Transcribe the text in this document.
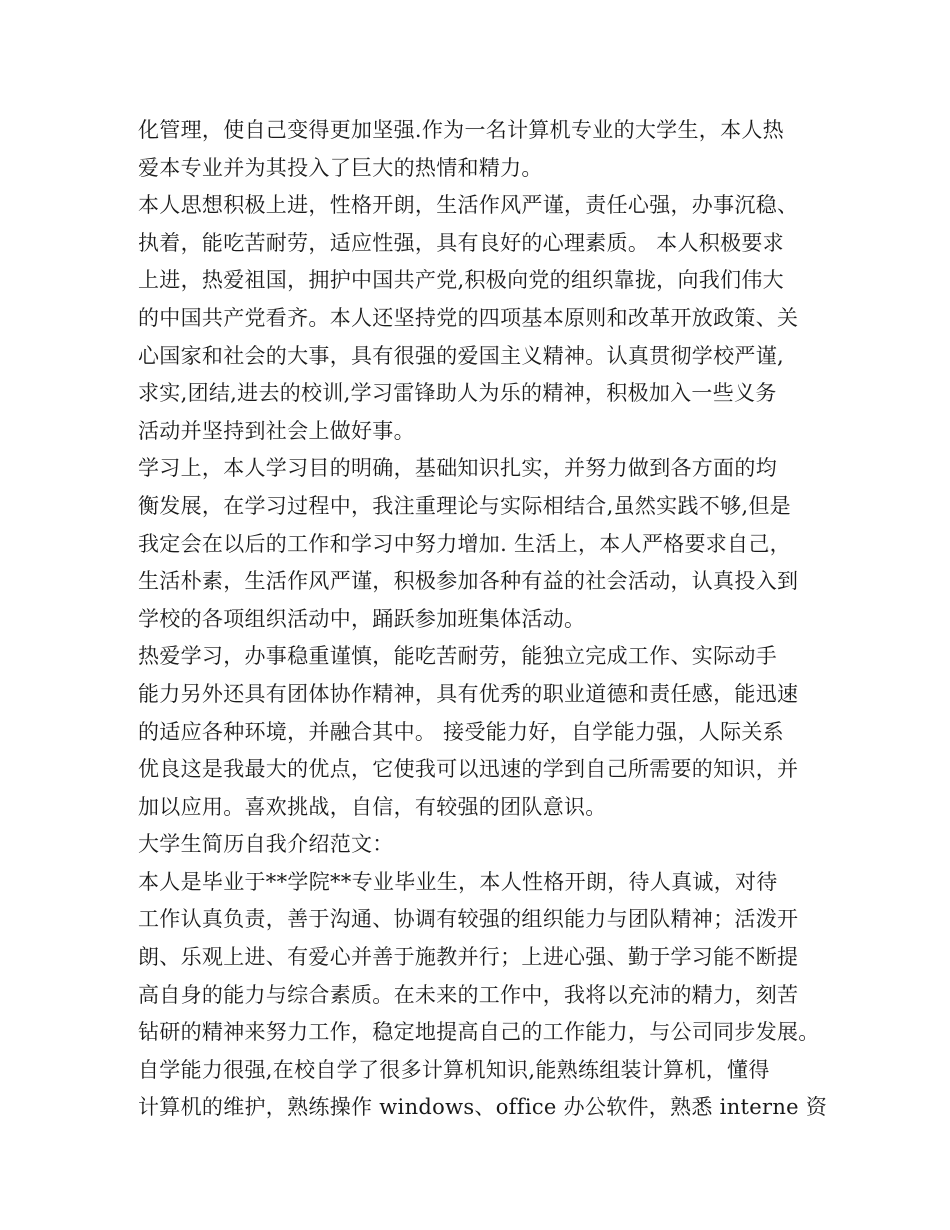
化管理，使自己变得更加坚强.作为一名计算机专业的大学生，本人热
爱本专业并为其投入了巨大的热情和精力。
本人思想积极上进，性格开朗，生活作风严谨，责任心强，办事沉稳、
执着，能吃苦耐劳，适应性强，具有良好的心理素质。 本人积极要求
上进，热爱祖国，拥护中国共产党,积极向党的组织靠拢，向我们伟大
的中国共产党看齐。本人还坚持党的四项基本原则和改革开放政策、关
心国家和社会的大事，具有很强的爱国主义精神。认真贯彻学校严谨,
求实,团结,进去的校训,学习雷锋助人为乐的精神，积极加入一些义务
活动并坚持到社会上做好事。
学习上，本人学习目的明确，基础知识扎实，并努力做到各方面的均
衡发展，在学习过程中，我注重理论与实际相结合,虽然实践不够,但是
我定会在以后的工作和学习中努力增加. 生活上，本人严格要求自己，
生活朴素，生活作风严谨，积极参加各种有益的社会活动，认真投入到
学校的各项组织活动中，踊跃参加班集体活动。
热爱学习，办事稳重谨慎，能吃苦耐劳，能独立完成工作、实际动手
能力另外还具有团体协作精神，具有优秀的职业道德和责任感，能迅速
的适应各种环境，并融合其中。 接受能力好，自学能力强，人际关系
优良这是我最大的优点，它使我可以迅速的学到自己所需要的知识，并
加以应用。喜欢挑战，自信，有较强的团队意识。
大学生简历自我介绍范文：
本人是毕业于**学院**专业毕业生，本人性格开朗，待人真诚，对待
工作认真负责，善于沟通、协调有较强的组织能力与团队精神；活泼开
朗、乐观上进、有爱心并善于施教并行；上进心强、勤于学习能不断提
高自身的能力与综合素质。在未来的工作中，我将以充沛的精力，刻苦
钻研的精神来努力工作，稳定地提高自己的工作能力，与公司同步发展。
自学能力很强,在校自学了很多计算机知识,能熟练组装计算机，懂得
计算机的维护，熟练操作 windows、office 办公软件，熟悉 interne 资
